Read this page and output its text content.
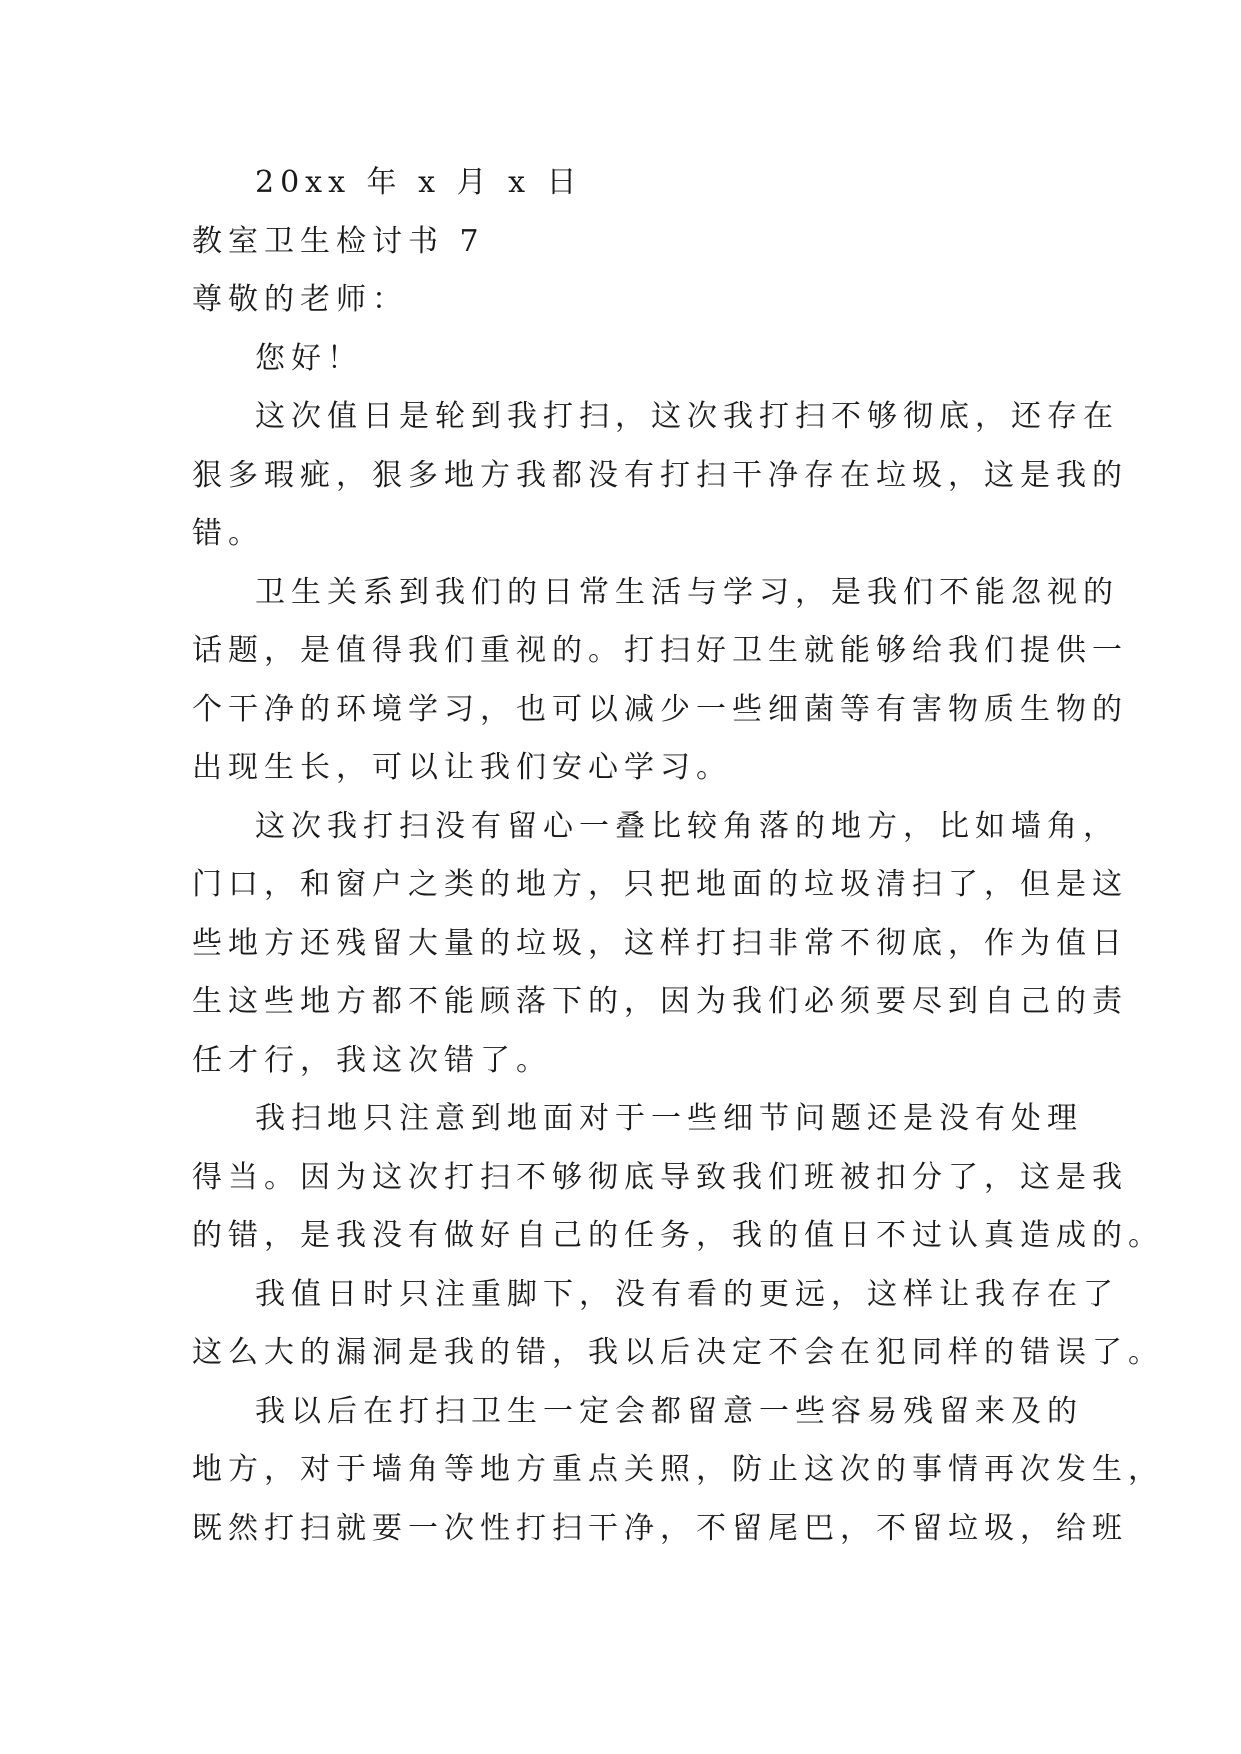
20xx 年 x 月 x 日
教室卫生检讨书 7
尊敬的老师：
您好！
这次值日是轮到我打扫，这次我打扫不够彻底，还存在
狠多瑕疵，狠多地方我都没有打扫干净存在垃圾，这是我的
错。
卫生关系到我们的日常生活与学习，是我们不能忽视的
话题，是值得我们重视的。打扫好卫生就能够给我们提供一
个干净的环境学习，也可以减少一些细菌等有害物质生物的
出现生长，可以让我们安心学习。
这次我打扫没有留心一叠比较角落的地方，比如墙角，
门口，和窗户之类的地方，只把地面的垃圾清扫了，但是这
些地方还残留大量的垃圾，这样打扫非常不彻底，作为值日
生这些地方都不能顾落下的，因为我们必须要尽到自己的责
任才行，我这次错了。
我扫地只注意到地面对于一些细节问题还是没有处理
得当。因为这次打扫不够彻底导致我们班被扣分了，这是我
的错，是我没有做好自己的任务，我的值日不过认真造成的。
我值日时只注重脚下，没有看的更远，这样让我存在了
这么大的漏洞是我的错，我以后决定不会在犯同样的错误了。
我以后在打扫卫生一定会都留意一些容易残留来及的
地方，对于墙角等地方重点关照，防止这次的事情再次发生，
既然打扫就要一次性打扫干净，不留尾巴，不留垃圾，给班
